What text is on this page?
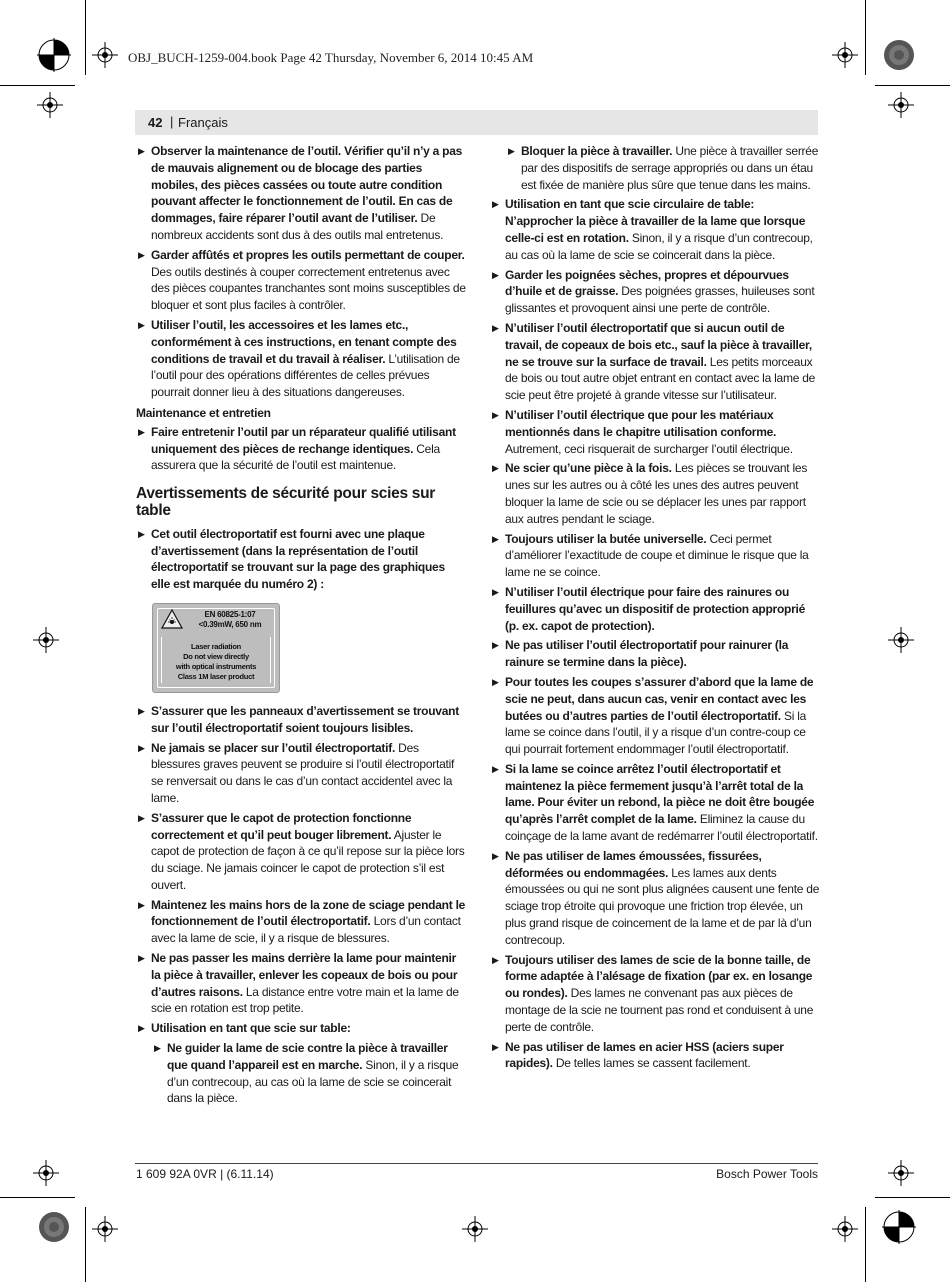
OBJ_BUCH-1259-004.book Page 42 Thursday, November 6, 2014 10:45 AM
42 | Français
▶ Observer la maintenance de l’outil. Vérifier qu’il n’y a pas de mauvais alignement ou de blocage des parties mobiles, des pièces cassées ou toute autre condition pouvant affecter le fonctionnement de l’outil. En cas de dommages, faire réparer l’outil avant de l’utiliser. De nombreux accidents sont dus à des outils mal entretenus.
▶ Garder affûtés et propres les outils permettant de couper. Des outils destinés à couper correctement entretenus avec des pièces coupantes tranchantes sont moins susceptibles de bloquer et sont plus faciles à contrôler.
▶ Utiliser l’outil, les accessoires et les lames etc., conformément à ces instructions, en tenant compte des conditions de travail et du travail à réaliser. L’utilisation de l’outil pour des opérations différentes de celles prévues pourrait donner lieu à des situations dangereuses.
Maintenance et entretien
▶ Faire entretenir l’outil par un réparateur qualifié utilisant uniquement des pièces de rechange identiques. Cela assurera que la sécurité de l’outil est maintenue.
Avertissements de sécurité pour scies sur table
▶ Cet outil électroportatif est fourni avec une plaque d’avertissement (dans la représentation de l’outil électroportatif se trouvant sur la page des graphiques elle est marquée du numéro 2) :
EN 60825-1:07
<0.39mW, 650 nm
Laser radiation
Do not view directly
with optical instruments
Class 1M laser product
▶ S’assurer que les panneaux d’avertissement se trouvant sur l’outil électroportatif soient toujours lisibles.
▶ Ne jamais se placer sur l’outil électroportatif. Des blessures graves peuvent se produire si l’outil électroportatif se renversait ou dans le cas d’un contact accidentel avec la lame.
▶ S’assurer que le capot de protection fonctionne correctement et qu’il peut bouger librement. Ajuster le capot de protection de façon à ce qu’il repose sur la pièce lors du sciage. Ne jamais coincer le capot de protection s’il est ouvert.
▶ Maintenez les mains hors de la zone de sciage pendant le fonctionnement de l’outil électroportatif. Lors d’un contact avec la lame de scie, il y a risque de blessures.
▶ Ne pas passer les mains derrière la lame pour maintenir la pièce à travailler, enlever les copeaux de bois ou pour d’autres raisons. La distance entre votre main et la lame de scie en rotation est trop petite.
▶ Utilisation en tant que scie sur table:
▶ Ne guider la lame de scie contre la pièce à travailler que quand l’appareil est en marche. Sinon, il y a risque d’un contrecoup, au cas où la lame de scie se coincerait dans la pièce.
▶ Bloquer la pièce à travailler. Une pièce à travailler serrée par des dispositifs de serrage appropriés ou dans un étau est fixée de manière plus sûre que tenue dans les mains.
▶ Utilisation en tant que scie circulaire de table: N’approcher la pièce à travailler de la lame que lorsque celle-ci est en rotation. Sinon, il y a risque d’un contrecoup, au cas où la lame de scie se coincerait dans la pièce.
▶ Garder les poignées sèches, propres et dépourvues d’huile et de graisse. Des poignées grasses, huileuses sont glissantes et provoquent ainsi une perte de contrôle.
▶ N’utiliser l’outil électroportatif que si aucun outil de travail, de copeaux de bois etc., sauf la pièce à travailler, ne se trouve sur la surface de travail. Les petits morceaux de bois ou tout autre objet entrant en contact avec la lame de scie peut être projeté à grande vitesse sur l’utilisateur.
▶ N’utiliser l’outil électrique que pour les matériaux mentionnés dans le chapitre utilisation conforme. Autrement, ceci risquerait de surcharger l’outil électrique.
▶ Ne scier qu’une pièce à la fois. Les pièces se trouvant les unes sur les autres ou à côté les unes des autres peuvent bloquer la lame de scie ou se déplacer les unes par rapport aux autres pendant le sciage.
▶ Toujours utiliser la butée universelle. Ceci permet d’améliorer l’exactitude de coupe et diminue le risque que la lame ne se coince.
▶ N’utiliser l’outil électrique pour faire des rainures ou feuillures qu’avec un dispositif de protection approprié (p. ex. capot de protection).
▶ Ne pas utiliser l’outil électroportatif pour rainurer (la rainure se termine dans la pièce).
▶ Pour toutes les coupes s’assurer d’abord que la lame de scie ne peut, dans aucun cas, venir en contact avec les butées ou d’autres parties de l’outil électroportatif. Si la lame se coince dans l’outil, il y a risque d’un contre-coup ce qui pourrait fortement endommager l’outil électroportatif.
▶ Si la lame se coince arrêtez l’outil électroportatif et maintenez la pièce fermement jusqu’à l’arrêt total de la lame. Pour éviter un rebond, la pièce ne doit être bougée qu’après l’arrêt complet de la lame. Eliminez la cause du coinçage de la lame avant de redémarrer l’outil électroportatif.
▶ Ne pas utiliser de lames émoussées, fissurées, déformées ou endommagées. Les lames aux dents émoussées ou qui ne sont plus alignées causent une fente de sciage trop étroite qui provoque une friction trop élevée, un plus grand risque de coincement de la lame et de par là d’un contrecoup.
▶ Toujours utiliser des lames de scie de la bonne taille, de forme adaptée à l’alésage de fixation (par ex. en losange ou rondes). Des lames ne convenant pas aux pièces de montage de la scie ne tournent pas rond et conduisent à une perte de contrôle.
▶ Ne pas utiliser de lames en acier HSS (aciers super rapides). De telles lames se cassent facilement.
1 609 92A 0VR | (6.11.14)	Bosch Power Tools
